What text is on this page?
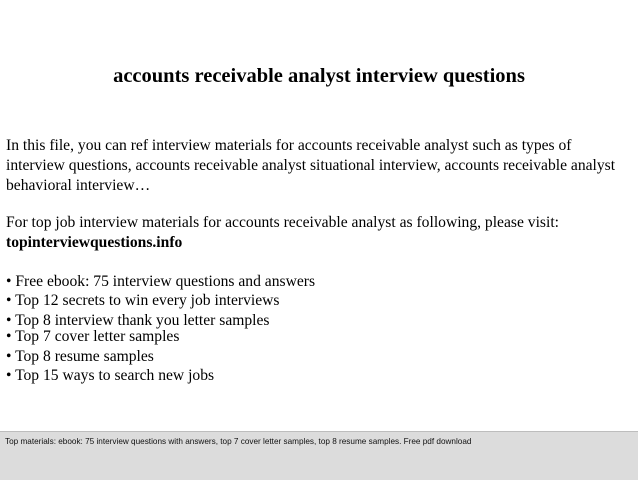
accounts receivable analyst interview questions
In this file, you can ref interview materials for accounts receivable analyst such as types of interview questions, accounts receivable analyst situational interview, accounts receivable analyst behavioral interview…
For top job interview materials for accounts receivable analyst as following, please visit: topinterviewquestions.info
• Free ebook: 75 interview questions and answers
• Top 12 secrets to win every job interviews
• Top 8 interview thank you letter samples
• Top 7 cover letter samples
• Top 8 resume samples
• Top 15 ways to search new jobs
Top materials: ebook: 75 interview questions with answers, top 7 cover letter samples, top 8 resume samples. Free pdf download
